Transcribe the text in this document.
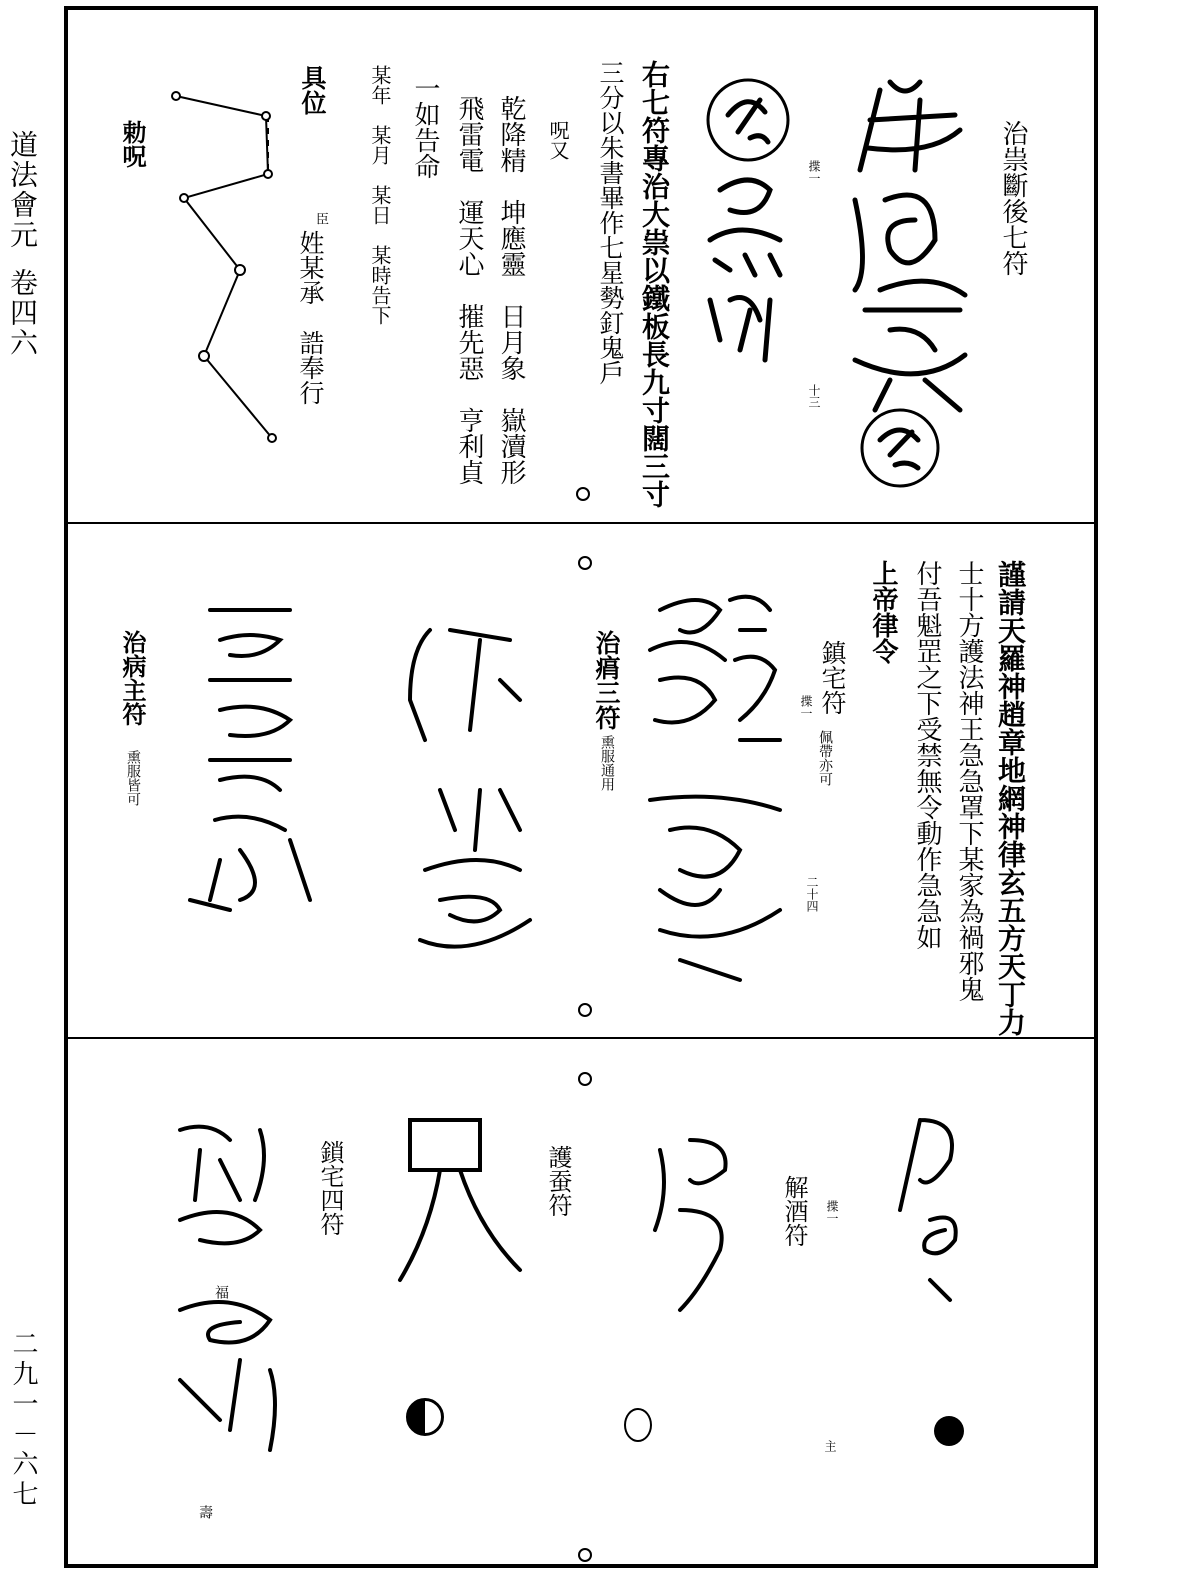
道法會元
卷四六
二九一－六七
治祟斷後七符
揲一
十三
右七符專治大祟以鐵板長九寸闊三寸
三分以朱書畢作七星勢釘鬼戶
呪又
乾降精　坤應靈　日月象　嶽瀆形
飛雷電　運天心　摧先惡　亨利貞
一如告命
某年　某月　某日　某時告下
具位
臣
姓某承　誥奉行
勅呪
謹請天羅神趙章地網神律玄五方天丁力
士十方護法神王急急罩下某家為禍邪鬼
付吾魁罡之下受禁無令動作急急如
上帝律令
鎮宅符
佩帶亦可
揲一
二十四
治㾓三符
熏服通用
治病主符
熏服皆可
解酒符 揲一
主
護蚕符
鎖宅四符
福
壽
